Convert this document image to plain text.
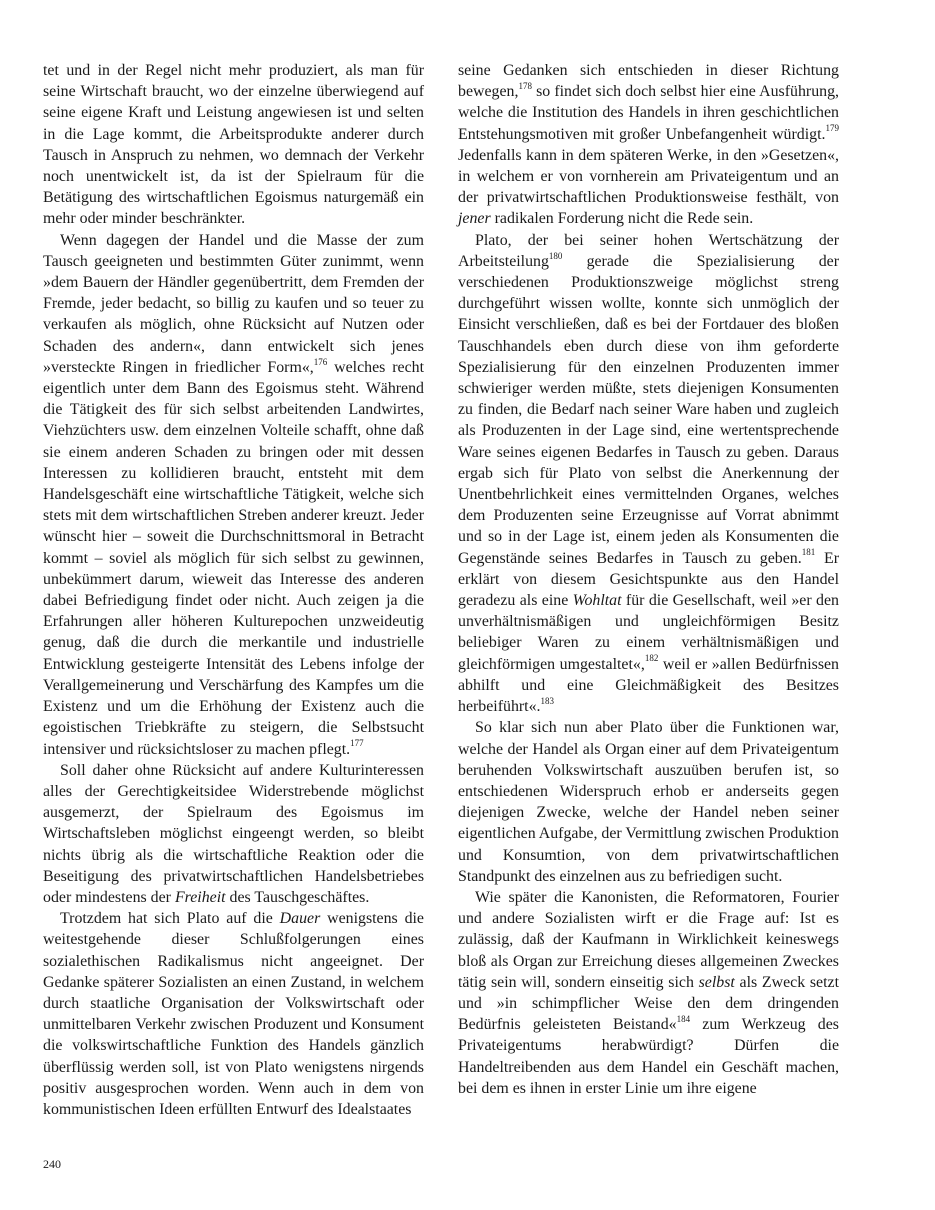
tet und in der Regel nicht mehr produziert, als man für seine Wirtschaft braucht, wo der einzelne überwiegend auf seine eigene Kraft und Leistung angewiesen ist und selten in die Lage kommt, die Arbeitsprodukte anderer durch Tausch in Anspruch zu nehmen, wo demnach der Verkehr noch unentwickelt ist, da ist der Spielraum für die Betätigung des wirtschaftlichen Egoismus naturgemäß ein mehr oder minder beschränkter.

Wenn dagegen der Handel und die Masse der zum Tausch geeigneten und bestimmten Güter zunimmt, wenn »dem Bauern der Händler gegenübertritt, dem Fremden der Fremde, jeder bedacht, so billig zu kaufen und so teuer zu verkaufen als möglich, ohne Rücksicht auf Nutzen oder Schaden des andern«, dann entwickelt sich jenes »versteckte Ringen in friedlicher Form«,$^{176}$ welches recht eigentlich unter dem Bann des Egoismus steht. Während die Tätigkeit des für sich selbst arbeitenden Landwirtes, Viehzüchters usw. dem einzelnen Volteile schafft, ohne daß sie einem anderen Schaden zu bringen oder mit dessen Interessen zu kollidieren braucht, entsteht mit dem Handelsgeschäft eine wirtschaftliche Tätigkeit, welche sich stets mit dem wirtschaftlichen Streben anderer kreuzt. Jeder wünscht hier – soweit die Durchschnittsmoral in Betracht kommt – soviel als möglich für sich selbst zu gewinnen, unbekümmert darum, wieweit das Interesse des anderen dabei Befriedigung findet oder nicht. Auch zeigen ja die Erfahrungen aller höheren Kulturepochen unzweideutig genug, daß die durch die merkantile und industrielle Entwicklung gesteigerte Intensität des Lebens infolge der Verallgemeinerung und Verschärfung des Kampfes um die Existenz und um die Erhöhung der Existenz auch die egoistischen Triebkräfte zu steigern, die Selbstsucht intensiver und rücksichtsloser zu machen pflegt.$^{177}$

Soll daher ohne Rücksicht auf andere Kulturinteressen alles der Gerechtigkeitsidee Widerstrebende möglichst ausgemerzt, der Spielraum des Egoismus im Wirtschaftsleben möglichst eingeengt werden, so bleibt nichts übrig als die wirtschaftliche Reaktion oder die Beseitigung des privatwirtschaftlichen Handelsbetriebes oder mindestens der Freiheit des Tauschgeschäftes.

Trotzdem hat sich Plato auf die Dauer wenigstens die weitestgehende dieser Schlußfolgerungen eines sozialethischen Radikalismus nicht angeeignet. Der Gedanke späterer Sozialisten an einen Zustand, in welchem durch staatliche Organisation der Volkswirtschaft oder unmittelbaren Verkehr zwischen Produzent und Konsument die volkswirtschaftliche Funktion des Handels gänzlich überflüssig werden soll, ist von Plato wenigstens nirgends positiv ausgesprochen worden. Wenn auch in dem von kommunistischen Ideen erfüllten Entwurf des Idealstaates

seine Gedanken sich entschieden in dieser Richtung bewegen,$^{178}$ so findet sich doch selbst hier eine Ausführung, welche die Institution des Handels in ihren geschichtlichen Entstehungsmotiven mit großer Unbefangenheit würdigt.$^{179}$ Jedenfalls kann in dem späteren Werke, in den »Gesetzen«, in welchem er von vornherein am Privateigentum und an der privatwirtschaftlichen Produktionsweise festhält, von jener radikalen Forderung nicht die Rede sein.

Plato, der bei seiner hohen Wertschätzung der Arbeitsteilung$^{180}$ gerade die Spezialisierung der verschiedenen Produktionszweige möglichst streng durchgeführt wissen wollte, konnte sich unmöglich der Einsicht verschließen, daß es bei der Fortdauer des bloßen Tauschhandels eben durch diese von ihm geforderte Spezialisierung für den einzelnen Produzenten immer schwieriger werden müßte, stets diejenigen Konsumenten zu finden, die Bedarf nach seiner Ware haben und zugleich als Produzenten in der Lage sind, eine wertentsprechende Ware seines eigenen Bedarfes in Tausch zu geben. Daraus ergab sich für Plato von selbst die Anerkennung der Unentbehrlichkeit eines vermittelnden Organes, welches dem Produzenten seine Erzeugnisse auf Vorrat abnimmt und so in der Lage ist, einem jeden als Konsumenten die Gegenstände seines Bedarfes in Tausch zu geben.$^{181}$ Er erklärt von diesem Gesichtspunkte aus den Handel geradezu als eine Wohltat für die Gesellschaft, weil »er den unverhältnismäßigen und ungleichförmigen Besitz beliebiger Waren zu einem verhältnismäßigen und gleichförmigen umgestaltet«,$^{182}$ weil er »allen Bedürfnissen abhilft und eine Gleichmäßigkeit des Besitzes herbeiführt«.$^{183}$

So klar sich nun aber Plato über die Funktionen war, welche der Handel als Organ einer auf dem Privateigentum beruhenden Volkswirtschaft auszuüben berufen ist, so entschiedenen Widerspruch erhob er anderseits gegen diejenigen Zwecke, welche der Handel neben seiner eigentlichen Aufgabe, der Vermittlung zwischen Produktion und Konsumtion, von dem privatwirtschaftlichen Standpunkt des einzelnen aus zu befriedigen sucht.

Wie später die Kanonisten, die Reformatoren, Fourier und andere Sozialisten wirft er die Frage auf: Ist es zulässig, daß der Kaufmann in Wirklichkeit keineswegs bloß als Organ zur Erreichung dieses allgemeinen Zweckes tätig sein will, sondern einseitig sich selbst als Zweck setzt und »in schimpflicher Weise den dem dringenden Bedürfnis geleisteten Beistand«$^{184}$ zum Werkzeug des Privateigentums herabwürdigt? Dürfen die Handeltreibenden aus dem Handel ein Geschäft machen, bei dem es ihnen in erster Linie um ihre eigene

240
